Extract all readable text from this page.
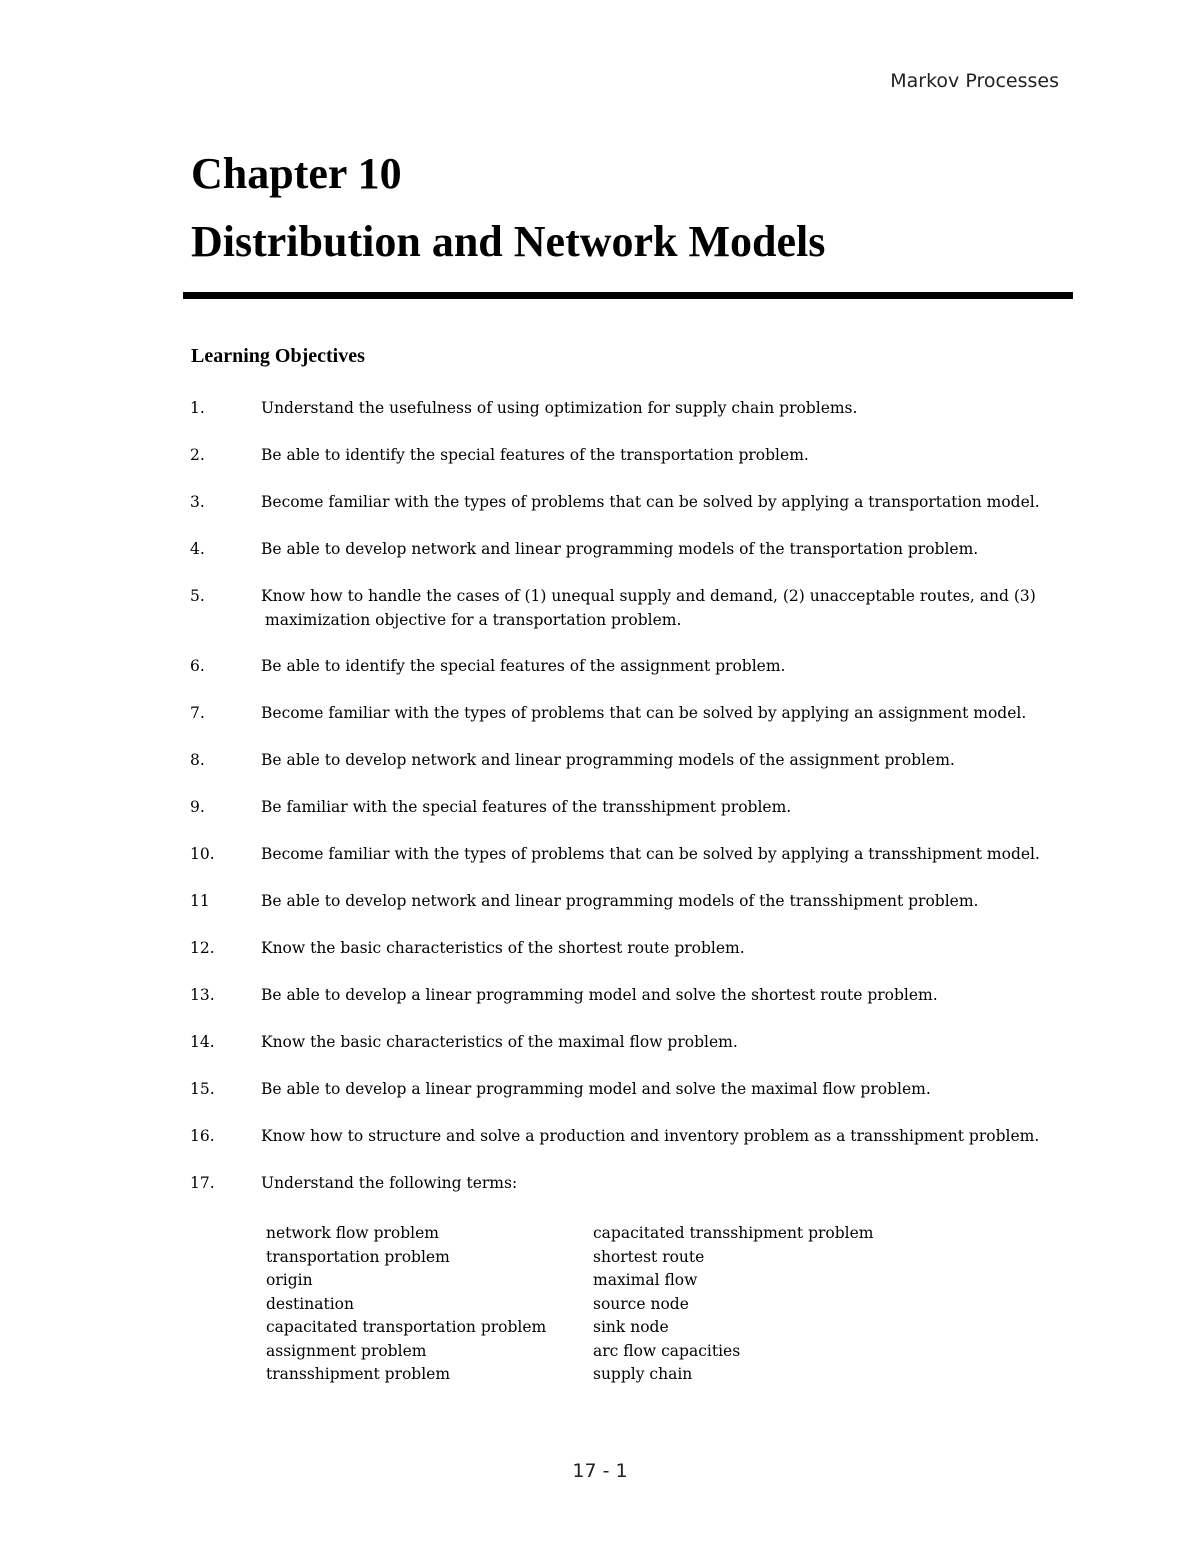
Markov Processes
Chapter 10
Distribution and Network Models
Learning Objectives
1.	Understand the usefulness of using optimization for supply chain problems.
2.	Be able to identify the special features of the transportation problem.
3.	Become familiar with the types of problems that can be solved by applying a transportation model.
4.	Be able to develop network and linear programming models of the transportation problem.
5.	Know how to handle the cases of (1) unequal supply and demand, (2) unacceptable routes, and (3)
maximization objective for a transportation problem.
6.	Be able to identify the special features of the assignment problem.
7.	Become familiar with the types of problems that can be solved by applying an assignment model.
8.	Be able to develop network and linear programming models of the assignment problem.
9.	Be familiar with the special features of the transshipment problem.
10.	Become familiar with the types of problems that can be solved by applying a transshipment model.
11	Be able to develop network and linear programming models of the transshipment problem.
12.	Know the basic characteristics of the shortest route problem.
13.	Be able to develop a linear programming model and solve the shortest route problem.
14.	Know the basic characteristics of the maximal flow problem.
15.	Be able to develop a linear programming model and solve the maximal flow problem.
16.	Know how to structure and solve a production and inventory problem as a transshipment problem.
17.	Understand the following terms:
network flow problem	capacitated transshipment problem
transportation problem	shortest route
origin	maximal flow
destination	source node
capacitated transportation problem	sink node
assignment problem	arc flow capacities
transshipment problem	supply chain
17 - 1
